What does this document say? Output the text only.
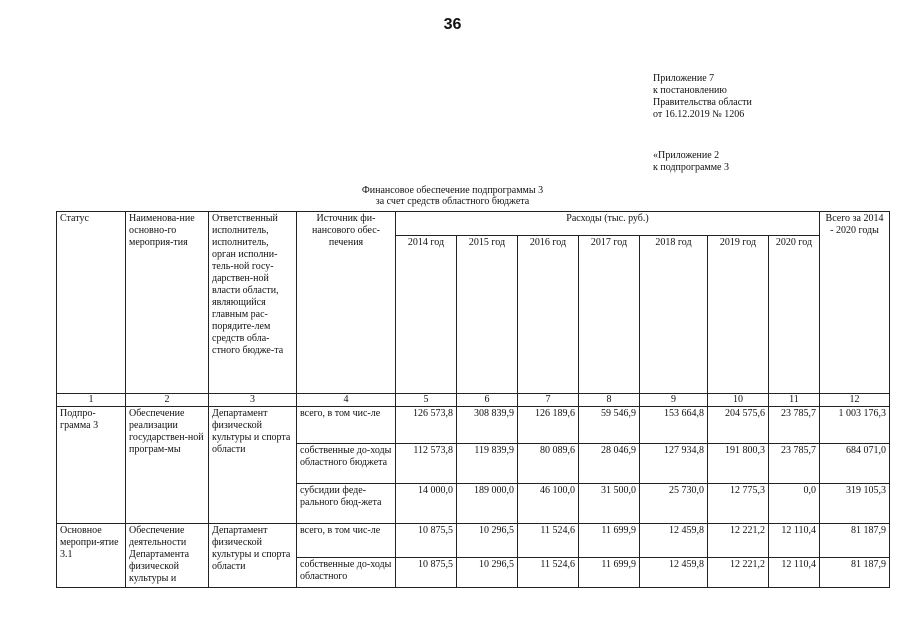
36
Приложение 7
к постановлению
Правительства области
от 16.12.2019 № 1206
«Приложение 2
к подпрограмме 3
Финансовое обеспечение подпрограммы 3
за счет средств областного бюджета
Статус	Наименова-ние основно-го мероприя-тия	Ответственный исполнитель, исполнитель, орган исполни-тель-ной госу-дарствен-ной власти области, являющийся главным рас-порядите-лем средств обла-стного бюдже-та	Источник фи-нансового обес-печения	Расходы (тыс. руб.)							Всего за 2014 - 2020 годы
				2014 год	2015 год	2016 год	2017 год	2018 год	2019 год	2020 год	
1	2	3	4	5	6	7	8	9	10	11	12
Подпро-грамма 3	Обеспечение реализации государствен-ной програм-мы	Департамент физической культуры и спорта области	всего, в том чис-ле	126 573,8	308 839,9	126 189,6	59 546,9	153 664,8	204 575,6	23 785,7	1 003 176,3
			собственные до-ходы областного бюджета	112 573,8	119 839,9	80 089,6	28 046,9	127 934,8	191 800,3	23 785,7	684 071,0
			субсидии феде-рального бюд-жета	14 000,0	189 000,0	46 100,0	31 500,0	25 730,0	12 775,3	0,0	319 105,3
Основное меропри-ятие 3.1	Обеспечение деятельности Департамента физической культуры и	Департамент физической культуры и спорта области	всего, в том чис-ле	10 875,5	10 296,5	11 524,6	11 699,9	12 459,8	12 221,2	12 110,4	81 187,9
			собственные до-ходы областного	10 875,5	10 296,5	11 524,6	11 699,9	12 459,8	12 221,2	12 110,4	81 187,9
